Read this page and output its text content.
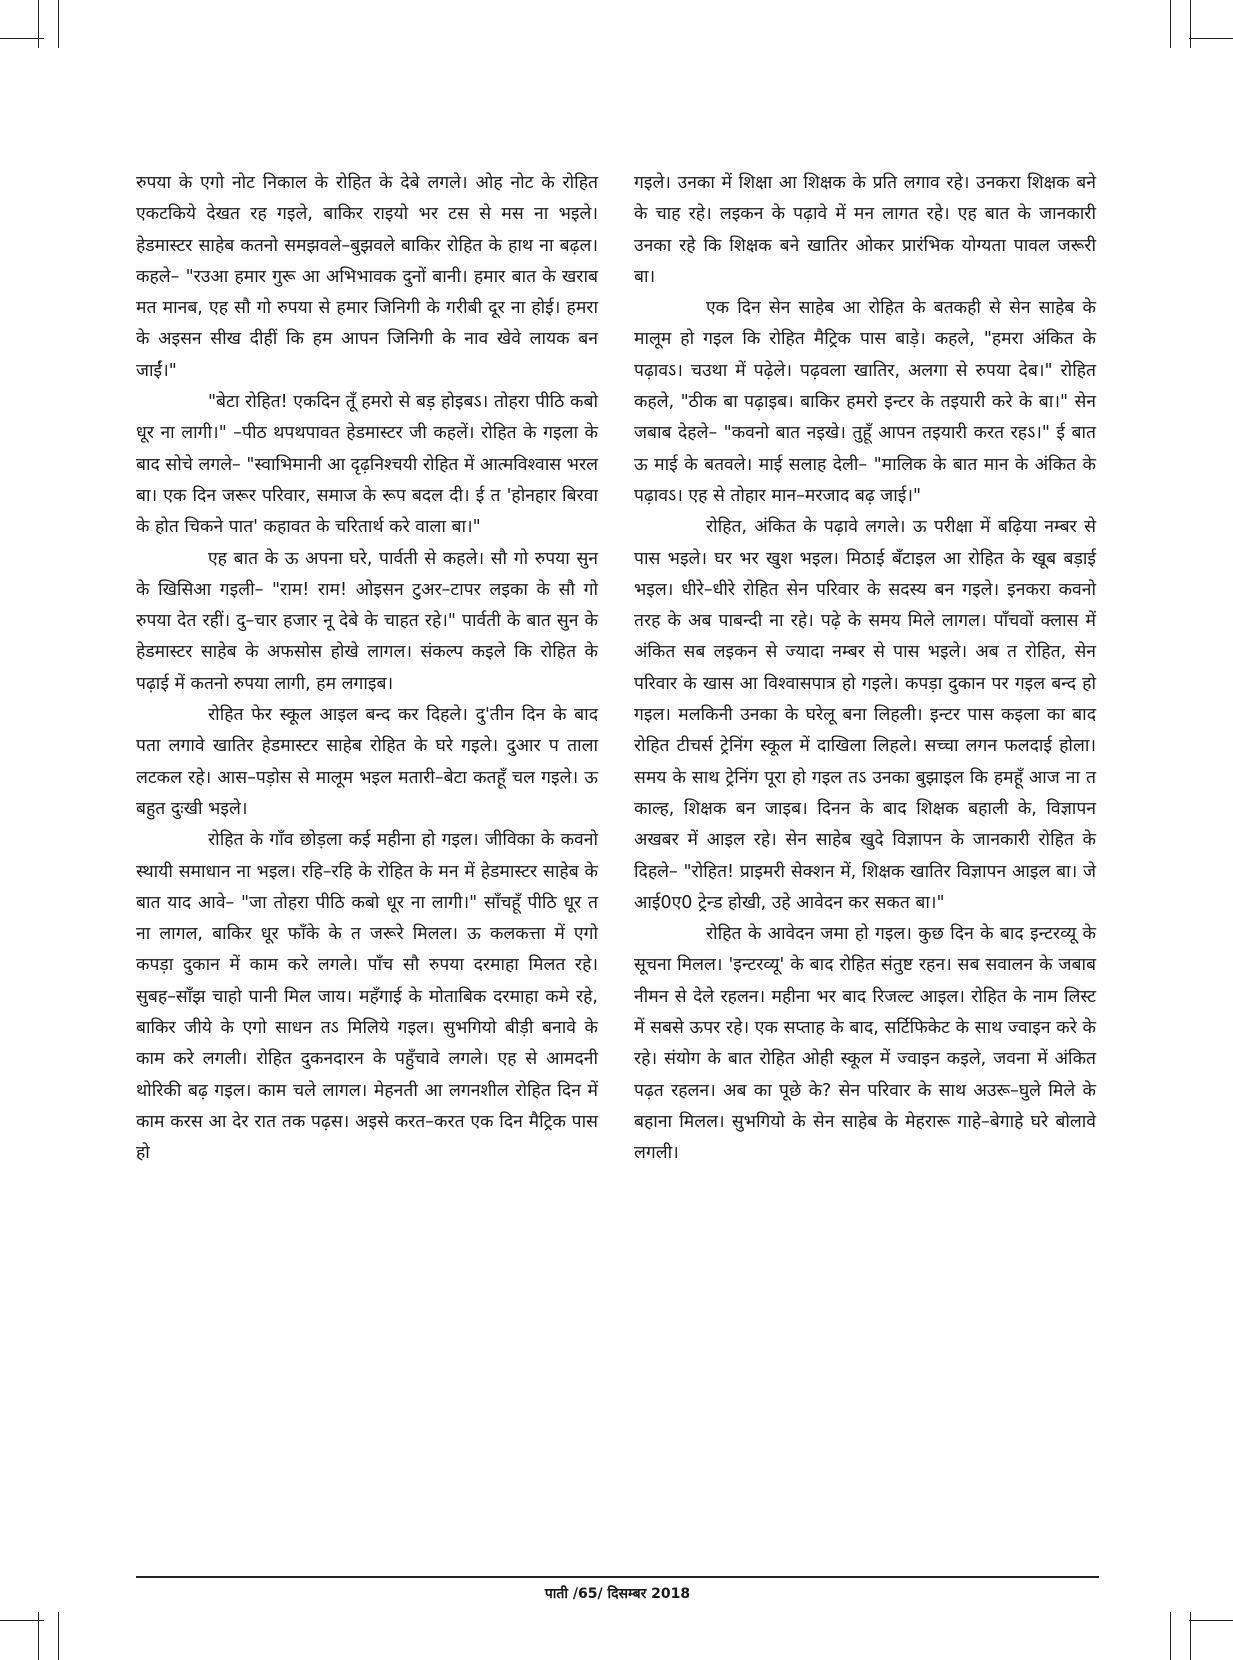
रुपया के एगो नोट निकाल के रोहित के देबे लगले। ओह नोट के रोहित एकटकिये देखत रह गइले, बाकिर राइयो भर टस से मस ना भइले। हेडमास्टर साहेब कतनो समझवले–बुझवले बाकिर रोहित के हाथ ना बढ़ल। कहले– "रउआ हमार गुरू आ अभिभावक दुनों बानी। हमार बात के खराब मत मानब, एह सौ गो रुपया से हमार जिनिगी के गरीबी दूर ना होई। हमरा के अइसन सीख दीहीं कि हम आपन जिनिगी के नाव खेवे लायक बन जाईं।"

"बेटा रोहित! एकदिन तूँ हमरो से बड़ होइबऽ। तोहरा पीठि कबो धूर ना लागी।" –पीठ थपथपावत हेडमास्टर जी कहलें। रोहित के गइला के बाद सोचे लगले– "स्वाभिमानी आ दृढ़निश्चयी रोहित में आत्मविश्वास भरल बा। एक दिन जरूर परिवार, समाज के रूप बदल दी। ई त 'होनहार बिरवा के होत चिकने पात' कहावत के चरितार्थ करे वाला बा।"

एह बात के ऊ अपना घरे, पार्वती से कहले। सौ गो रुपया सुन के खिसिआ गइली– "राम! राम! ओइसन टुअर–टापर लइका के सौ गो रुपया देत रहीं। दु–चार हजार नू देबे के चाहत रहे।" पार्वती के बात सुन के हेडमास्टर साहेब के अफसोस होखे लागल। संकल्प कइले कि रोहित के पढ़ाई में कतनो रुपया लागी, हम लगाइब।

रोहित फेर स्कूल आइल बन्द कर दिहले। दु'तीन दिन के बाद पता लगावे खातिर हेडमास्टर साहेब रोहित के घरे गइले। दुआर प ताला लटकल रहे। आस–पड़ोस से मालूम भइल मतारी–बेटा कतहूँ चल गइले। ऊ बहुत दुःखी भइले।

रोहित के गाँव छोड़ला कई महीना हो गइल। जीविका के कवनो स्थायी समाधान ना भइल। रहि–रहि के रोहित के मन में हेडमास्टर साहेब के बात याद आवे– "जा तोहरा पीठि कबो धूर ना लागी।" साँचहूँ पीठि धूर त ना लागल, बाकिर धूर फाँके के त जरूरे मिलल। ऊ कलकत्ता में एगो कपड़ा दुकान में काम करे लगले। पाँच सौ रुपया दरमाहा मिलत रहे। सुबह–साँझ चाहो पानी मिल जाय। महँगाई के मोताबिक दरमाहा कमे रहे, बाकिर जीये के एगो साधन तऽ मिलिये गइल। सुभगियो बीड़ी बनावे के काम करे लगली। रोहित दुकनदारन के पहुँचावे लगले। एह से आमदनी थोरिकी बढ़ गइल। काम चले लागल। मेहनती आ लगनशील रोहित दिन में काम करस आ देर रात तक पढ़स। अइसे करत–करत एक दिन मैट्रिक पास हो

गइले। उनका में शिक्षा आ शिक्षक के प्रति लगाव रहे। उनकरा शिक्षक बने के चाह रहे। लइकन के पढ़ावे में मन लागत रहे। एह बात के जानकारी उनका रहे कि शिक्षक बने खातिर ओकर प्रारंभिक योग्यता पावल जरूरी बा।

एक दिन सेन साहेब आ रोहित के बतकही से सेन साहेब के मालूम हो गइल कि रोहित मैट्रिक पास बाड़े। कहले, "हमरा अंकित के पढ़ावऽ। चउथा में पढ़ेले। पढ़वला खातिर, अलगा से रुपया देब।" रोहित कहले, "ठीक बा पढ़ाइब। बाकिर हमरो इन्टर के तइयारी करे के बा।" सेन जबाब देहले– "कवनो बात नइखे। तुहूँ आपन तइयारी करत रहऽ।" ई बात ऊ माई के बतवले। माई सलाह देली– "मालिक के बात मान के अंकित के पढ़ावऽ। एह से तोहार मान–मरजाद बढ़ जाई।"

रोहित, अंकित के पढ़ावे लगले। ऊ परीक्षा में बढ़िया नम्बर से पास भइले। घर भर खुश भइल। मिठाई बँटाइल आ रोहित के खूब बड़ाई भइल। धीरे–धीरे रोहित सेन परिवार के सदस्य बन गइले। इनकरा कवनो तरह के अब पाबन्दी ना रहे। पढ़े के समय मिले लागल। पाँचवों क्लास में अंकित सब लइकन से ज्यादा नम्बर से पास भइले। अब त रोहित, सेन परिवार के खास आ विश्वासपात्र हो गइले। कपड़ा दुकान पर गइल बन्द हो गइल। मलकिनी उनका के घरेलू बना लिहली। इन्टर पास कइला का बाद रोहित टीचर्स ट्रेनिंग स्कूल में दाखिला लिहले। सच्चा लगन फलदाई होला। समय के साथ ट्रेनिंग पूरा हो गइल तऽ उनका बुझाइल कि हमहूँ आज ना त काल्ह, शिक्षक बन जाइब। दिनन के बाद शिक्षक बहाली के, विज्ञापन अखबर में आइल रहे। सेन साहेब खुदे विज्ञापन के जानकारी रोहित के दिहले– "रोहित! प्राइमरी सेक्शन में, शिक्षक खातिर विज्ञापन आइल बा। जे आई0ए0 ट्रेन्ड होखी, उहे आवेदन कर सकत बा।"

रोहित के आवेदन जमा हो गइल। कुछ दिन के बाद इन्टरव्यू के सूचना मिलल। 'इन्टरव्यू' के बाद रोहित संतुष्ट रहन। सब सवालन के जबाब नीमन से देले रहलन। महीना भर बाद रिजल्ट आइल। रोहित के नाम लिस्ट में सबसे ऊपर रहे। एक सप्ताह के बाद, सर्टिफिकेट के साथ ज्वाइन करे के रहे। संयोग के बात रोहित ओही स्कूल में ज्वाइन कइले, जवना में अंकित पढ़त रहलन। अब का पूछे के? सेन परिवार के साथ अउरू–घुले मिले के बहाना मिलल। सुभगियो के सेन साहेब के मेहरारू गाहे–बेगाहे घरे बोलावे लगली।

पाती /65/ दिसम्बर 2018
